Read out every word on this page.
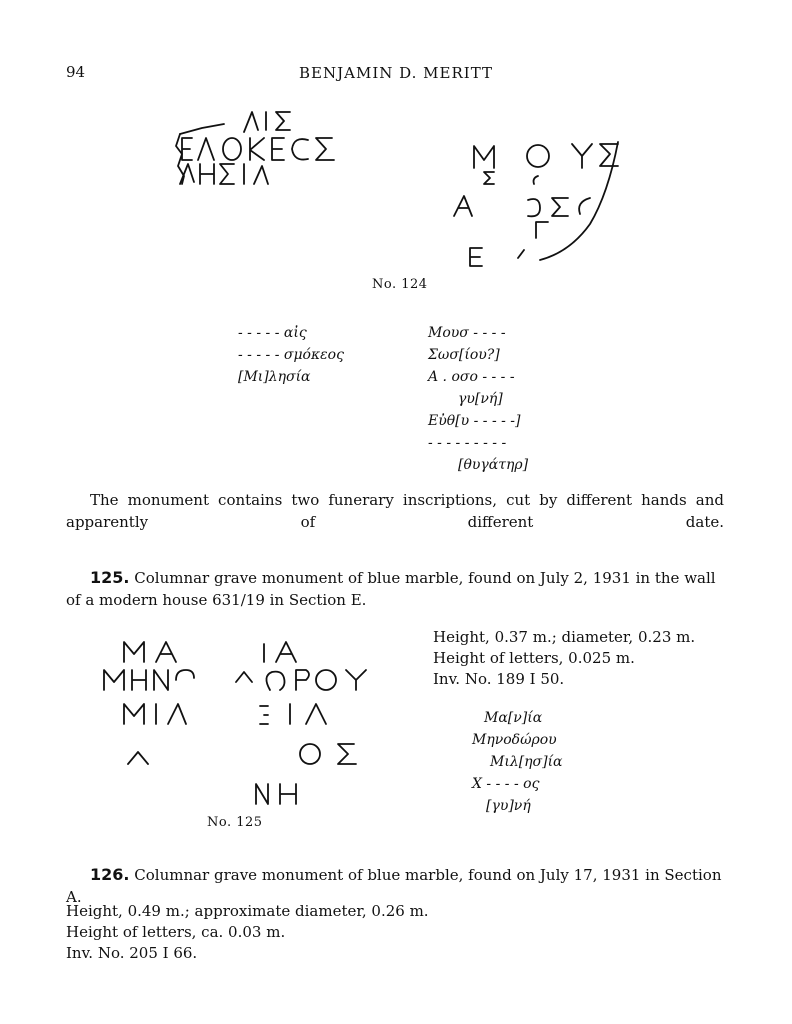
94	BENJAMIN D. MERITT
No. 124
- - - - - αἰς
- - - - - σμόκεος
[Μι]λησία
Μουσ - - - -
Σωσ[ίου?]
Α . οσο - - - -
γυ[νή]
Εὐθ[υ - - - - -]
- - - - - - - - -
[θυγάτηρ]
The monument contains two funerary inscriptions, cut by different hands and apparently of different date.
125. Columnar grave monument of blue marble, found on July 2, 1931 in the wall of a modern house 631/19 in Section E.
No. 125
Height, 0.37 m.; diameter, 0.23 m.
Height of letters, 0.025 m.
Inv. No. 189 I 50.
Μα[ν]ία
Μηνοδώρου
Μιλ[ησ]ία
Χ - - - - ος
[γυ]νή
126. Columnar grave monument of blue marble, found on July 17, 1931 in Section A.
Height, 0.49 m.; approximate diameter, 0.26 m.
Height of letters, ca. 0.03 m.
Inv. No. 205 I 66.
